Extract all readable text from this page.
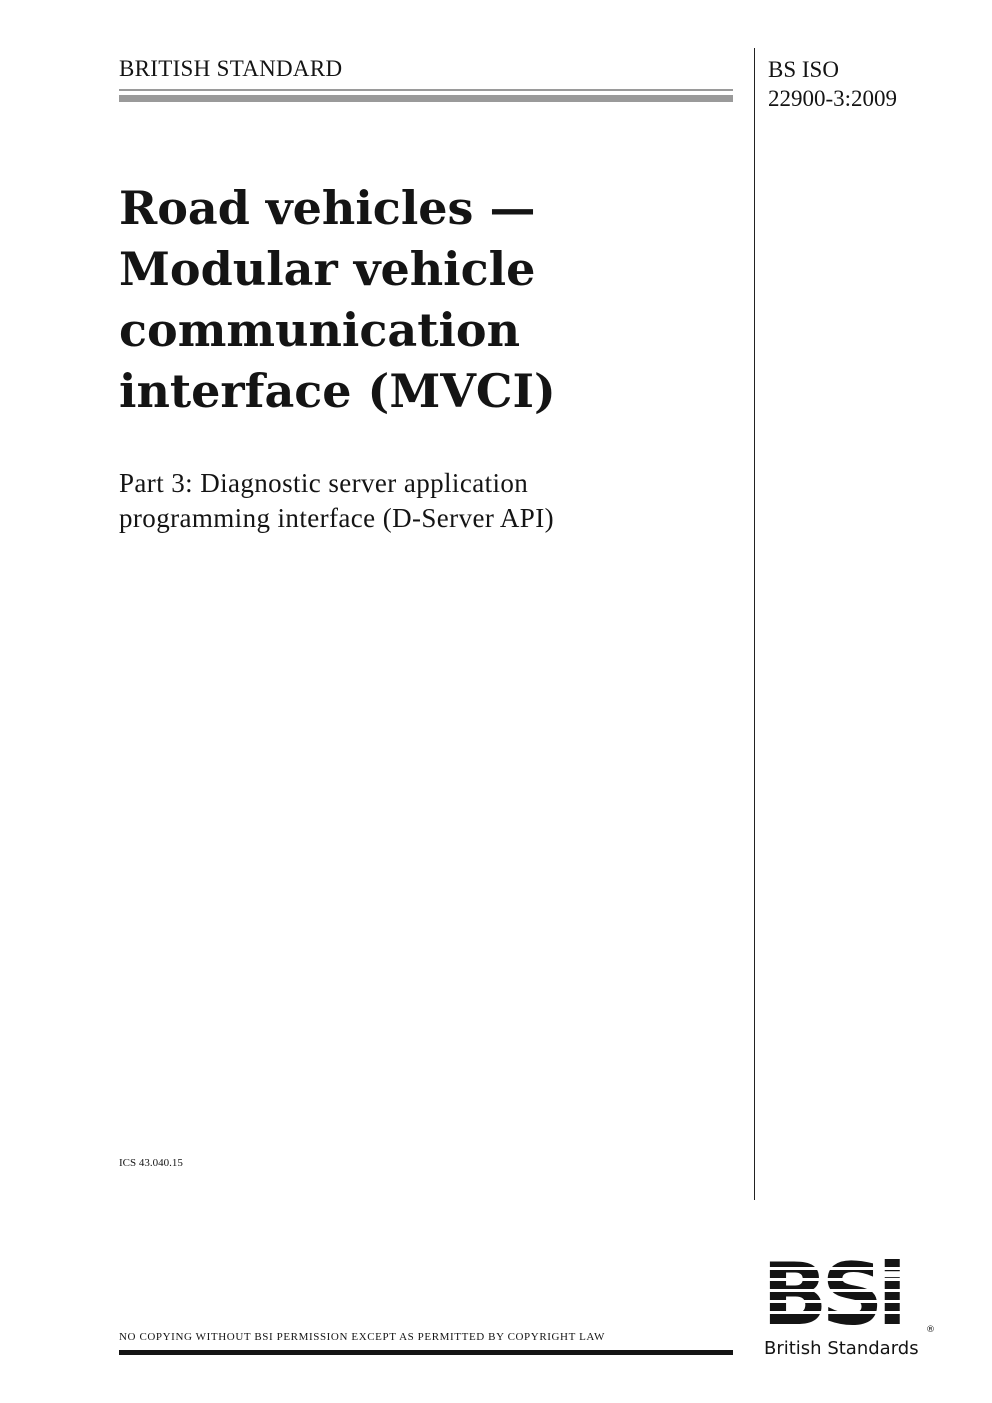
BRITISH STANDARD	BS ISO
22900-3:2009
Road vehicles —
Modular vehicle
communication
interface (MVCI)
Part 3: Diagnostic server application
programming interface (D-Server API)
ICS 43.040.15
NO COPYING WITHOUT BSI PERMISSION EXCEPT AS PERMITTED BY COPYRIGHT LAW
®
British Standards
